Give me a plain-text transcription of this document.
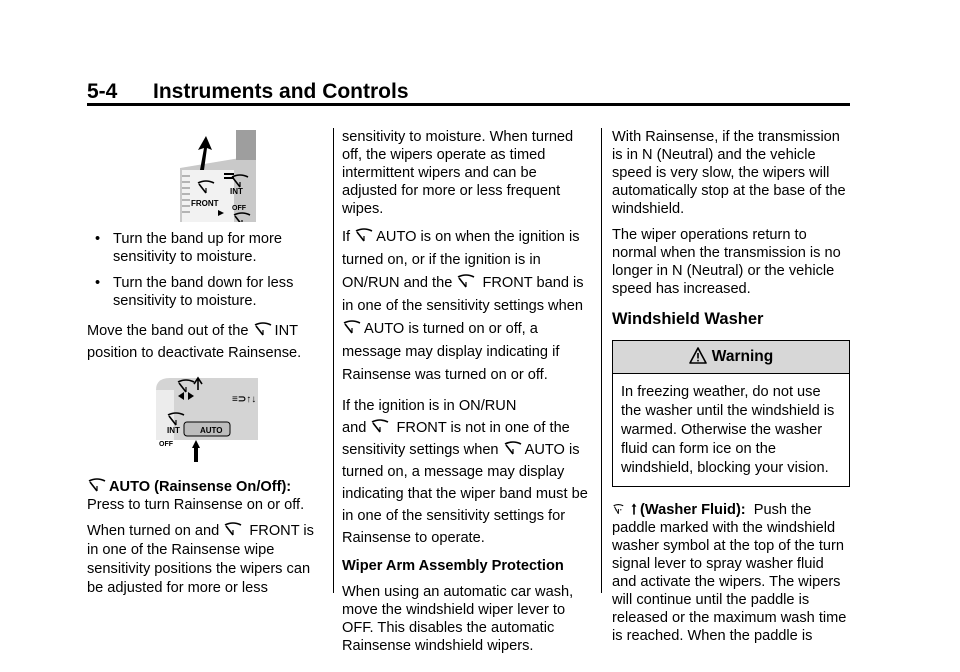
5-4 Instruments and Controls
FRONT
INT
OFF
• Turn the band up for more sensitivity to moisture.
• Turn the band down for less sensitivity to moisture.

Move the band out of the INT position to deactivate Rainsense.

≡⊃↑↓
INT
OFF
AUTO

AUTO (Rainsense On/Off):
Press to turn Rainsense on or off.

When turned on and FRONT is in one of the Rainsense wipe sensitivity positions the wipers can be adjusted for more or less

sensitivity to moisture. When turned off, the wipers operate as timed intermittent wipers and can be adjusted for more or less frequent wipes.

If AUTO is on when the ignition is turned on, or if the ignition is in ON/RUN and the FRONT band is in one of the sensitivity settings when AUTO is turned on or off, a message may display indicating if Rainsense was turned on or off.

If the ignition is in ON/RUN
and FRONT is not in one of the sensitivity settings when AUTO is turned on, a message may display indicating that the wiper band must be in one of the sensitivity settings for Rainsense to operate.

Wiper Arm Assembly Protection

When using an automatic car wash, move the windshield wiper lever to OFF. This disables the automatic Rainsense windshield wipers.

With Rainsense, if the transmission is in N (Neutral) and the vehicle speed is very slow, the wipers will automatically stop at the base of the windshield.

The wiper operations return to normal when the transmission is no longer in N (Neutral) or the vehicle speed has increased.

Windshield Washer
Warning
In freezing weather, do not use the washer until the windshield is warmed. Otherwise the washer fluid can form ice on the windshield, blocking your vision.

(Washer Fluid): Push the paddle marked with the windshield washer symbol at the top of the turn signal lever to spray washer fluid and activate the wipers. The wipers will continue until the paddle is released or the maximum wash time is reached. When the paddle is
